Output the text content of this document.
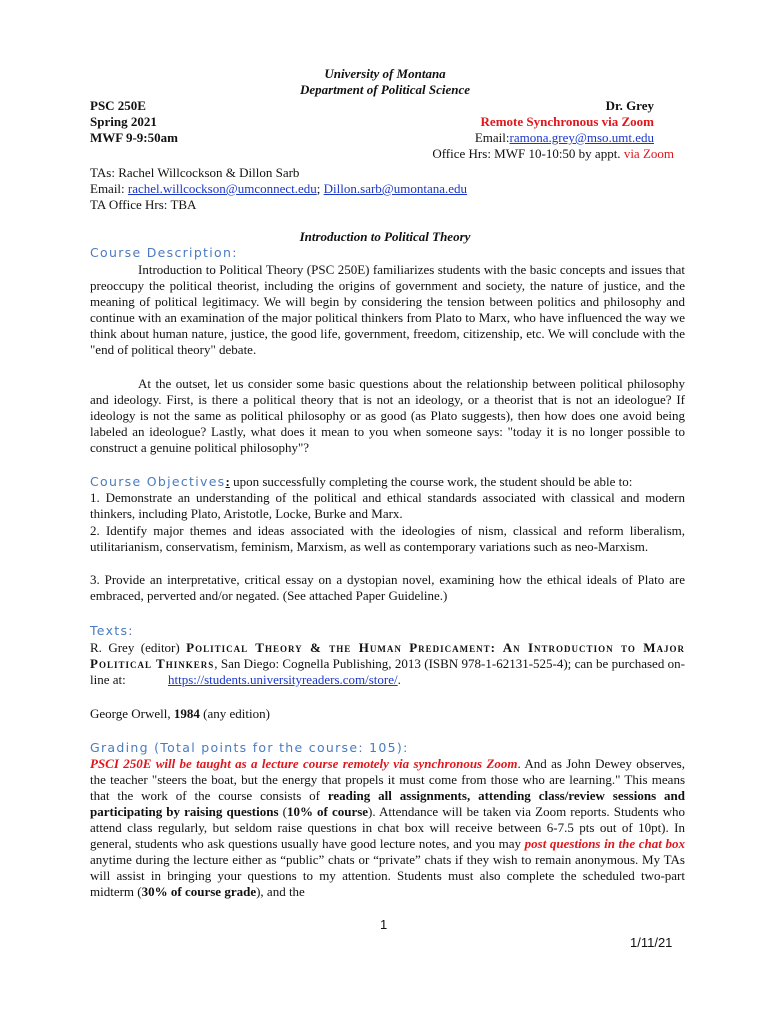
University of Montana
Department of Political Science
PSC 250E
Spring 2021
MWF 9-9:50am
Dr. Grey
Remote Synchronous via Zoom
Email:ramona.grey@mso.umt.edu
Office Hrs: MWF 10-10:50 by appt. via Zoom
TAs: Rachel Willcockson & Dillon Sarb
Email: rachel.willcockson@umconnect.edu; Dillon.sarb@umontana.edu
TA Office Hrs: TBA
Introduction to Political Theory
Course Description:

Introduction to Political Theory (PSC 250E) familiarizes students with the basic concepts and issues that preoccupy the political theorist, including the origins of government and society, the nature of justice, and the meaning of political legitimacy. We will begin by considering the tension between politics and philosophy and continue with an examination of the major political thinkers from Plato to Marx, who have influenced the way we think about human nature, justice, the good life, government, freedom, citizenship, etc. We will conclude with the "end of political theory" debate.

At the outset, let us consider some basic questions about the relationship between political philosophy and ideology. First, is there a political theory that is not an ideology, or a theorist that is not an ideologue? If ideology is not the same as political philosophy or as good (as Plato suggests), then how does one avoid being labeled an ideologue? Lastly, what does it mean to you when someone says: "today it is no longer possible to construct a genuine political philosophy"?

Course Objectives: upon successfully completing the course work, the student should be able to:

1. Demonstrate an understanding of the political and ethical standards associated with classical and modern thinkers, including Plato, Aristotle, Locke, Burke and Marx.

2. Identify major themes and ideas associated with the ideologies of nism, classical and reform liberalism, utilitarianism, conservatism, feminism, Marxism, as well as contemporary variations such as neo-Marxism.

3. Provide an interpretative, critical essay on a dystopian novel, examining how the ethical ideals of Plato are embraced, perverted and/or negated. (See attached Paper Guideline.)

Texts:

R. Grey (editor) Political Theory & the Human Predicament: An Introduction to Major Political Thinkers, San Diego: Cognella Publishing, 2013 (ISBN 978-1-62131-525-4); can be purchased on-line at:	https://students.universityreaders.com/store/.

George Orwell, 1984 (any edition)

Grading (Total points for the course: 105):

PSCI 250E will be taught as a lecture course remotely via synchronous Zoom. And as John Dewey observes, the teacher "steers the boat, but the energy that propels it must come from those who are learning." This means that the work of the course consists of reading all assignments, attending class/review sessions and participating by raising questions (10% of course). Attendance will be taken via Zoom reports. Students who attend class regularly, but seldom raise questions in chat box will receive between 6-7.5 pts out of 10pt). In general, students who ask questions usually have good lecture notes, and you may post questions in the chat box anytime during the lecture either as “public” chats or “private” chats if they wish to remain anonymous. My TAs will assist in bringing your questions to my attention. Students must also complete the scheduled two-part midterm (30% of course grade), and the

1
1/11/21
